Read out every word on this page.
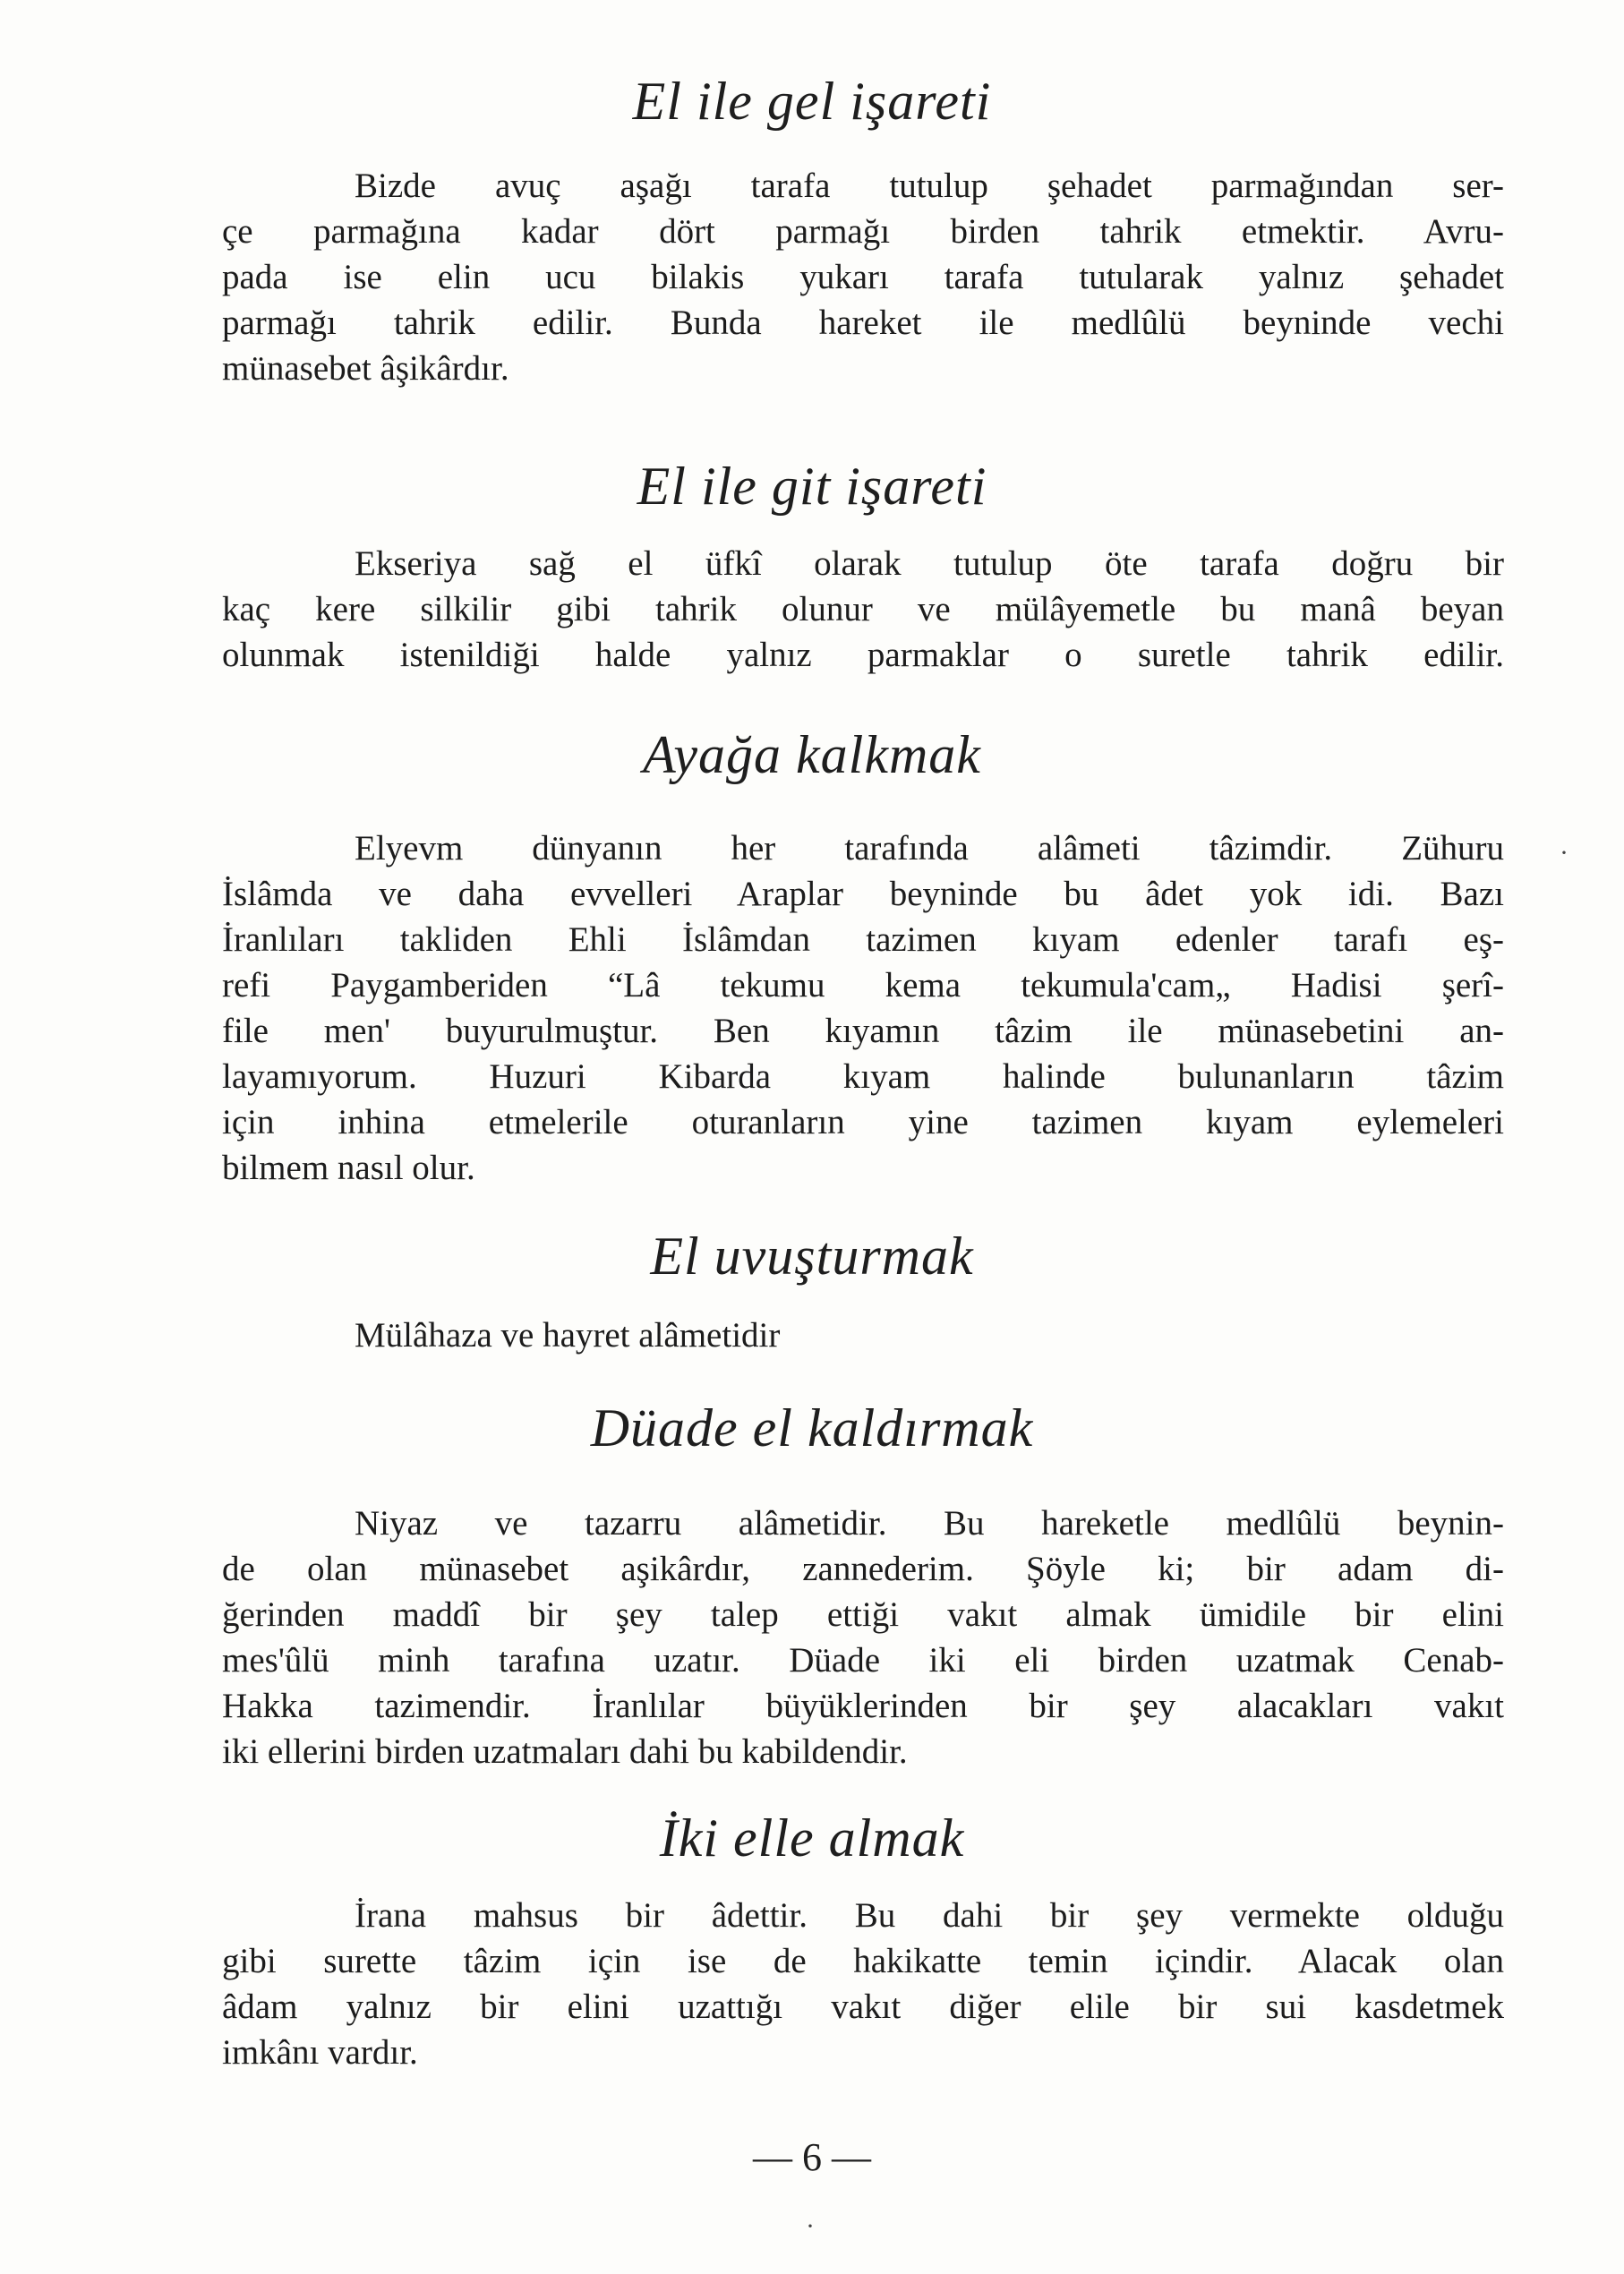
El ile gel işareti
Bizde avuç aşağı tarafa tutulup şehadet parmağından ser-
çe parmağına kadar dört parmağı birden tahrik etmektir. Avru-
pada ise elin ucu bilakis yukarı tarafa tutularak yalnız şehadet
parmağı tahrik edilir. Bunda hareket ile medlûlü beyninde vechi
münasebet âşikârdır.
El ile git işareti
Ekseriya sağ el üfkî olarak tutulup öte tarafa doğru bir
kaç kere silkilir gibi tahrik olunur ve mülâyemetle bu manâ beyan
olunmak istenildiği halde yalnız parmaklar o suretle tahrik edilir.
Ayağa kalkmak
Elyevm dünyanın her tarafında alâmeti tâzimdir. Zühuru
İslâmda ve daha evvelleri Araplar beyninde bu âdet yok idi. Bazı
İranlıları takliden Ehli İslâmdan tazimen kıyam edenler tarafı eş-
refi Paygamberiden “Lâ tekumu kema tekumula'cam„ Hadisi şerî-
file men' buyurulmuştur. Ben kıyamın tâzim ile münasebetini an-
layamıyorum. Huzuri Kibarda kıyam halinde bulunanların tâzim
için inhina etmelerile oturanların yine tazimen kıyam eylemeleri
bilmem nasıl olur.
El uvuşturmak
Mülâhaza ve hayret alâmetidir
Düade el kaldırmak
Niyaz ve tazarru alâmetidir. Bu hareketle medlûlü beynin-
de olan münasebet aşikârdır, zannederim. Şöyle ki; bir adam di-
ğerinden maddî bir şey talep ettiği vakıt almak ümidile bir elini
mes'ûlü minh tarafına uzatır. Düade iki eli birden uzatmak Cenab-
Hakka tazimendir. İranlılar büyüklerinden bir şey alacakları vakıt
iki ellerini birden uzatmaları dahi bu kabildendir.
İki elle almak
İrana mahsus bir âdettir. Bu dahi bir şey vermekte olduğu
gibi surette tâzim için ise de hakikatte temin içindir. Alacak olan
âdam yalnız bir elini uzattığı vakıt diğer elile bir sui kasdetmek
imkânı vardır.
— 6 —
·
·
